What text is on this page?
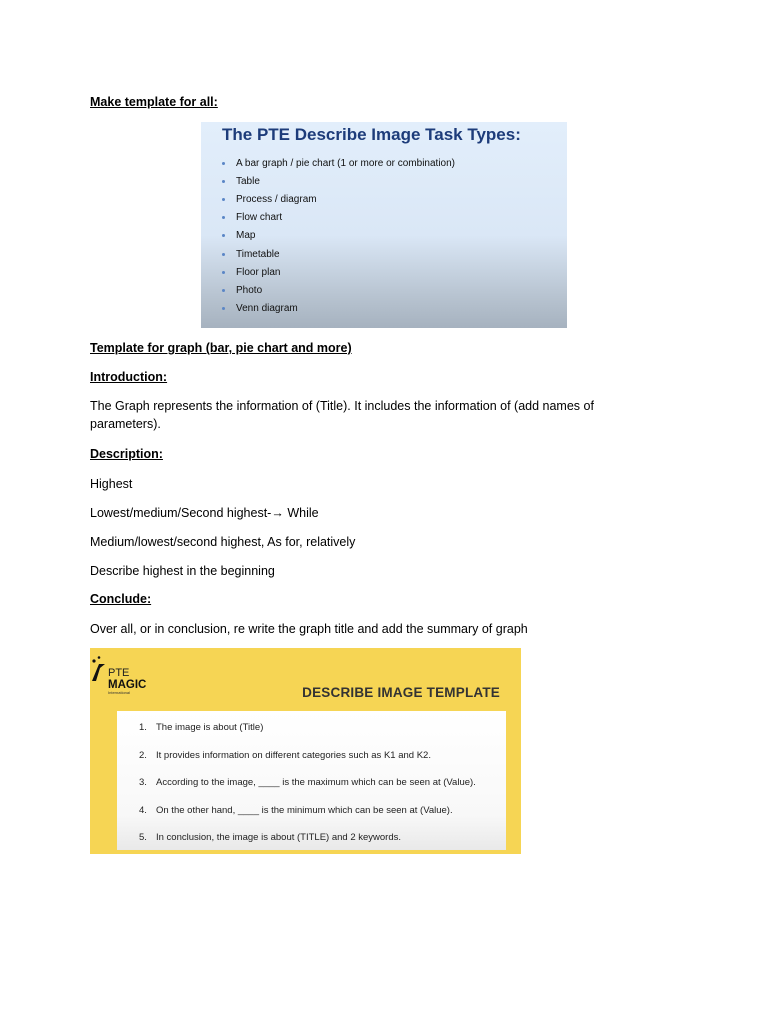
Make template for all:
The PTE Describe Image Task Types:
A bar graph / pie chart (1 or more or combination)
Table
Process / diagram
Flow chart
Map
Timetable
Floor plan
Photo
Venn diagram
Template for graph (bar, pie chart and more)
Introduction:
The Graph represents the information of (Title). It includes the information of (add names of parameters).
Description:
Highest
Lowest/medium/Second highest-→ While
Medium/lowest/second highest, As for, relatively
Describe highest in the beginning
Conclude:
Over all, or in conclusion, re write the graph title and add the summary of graph
PTE
MAGIC
International	DESCRIBE IMAGE TEMPLATE
1. The image is about (Title)
2. It provides information on different categories such as K1 and K2.
3. According to the image, ____ is the maximum which can be seen at (Value).
4. On the other hand, ____ is the minimum which can be seen at (Value).
5. In conclusion, the image is about (TITLE) and 2 keywords.
